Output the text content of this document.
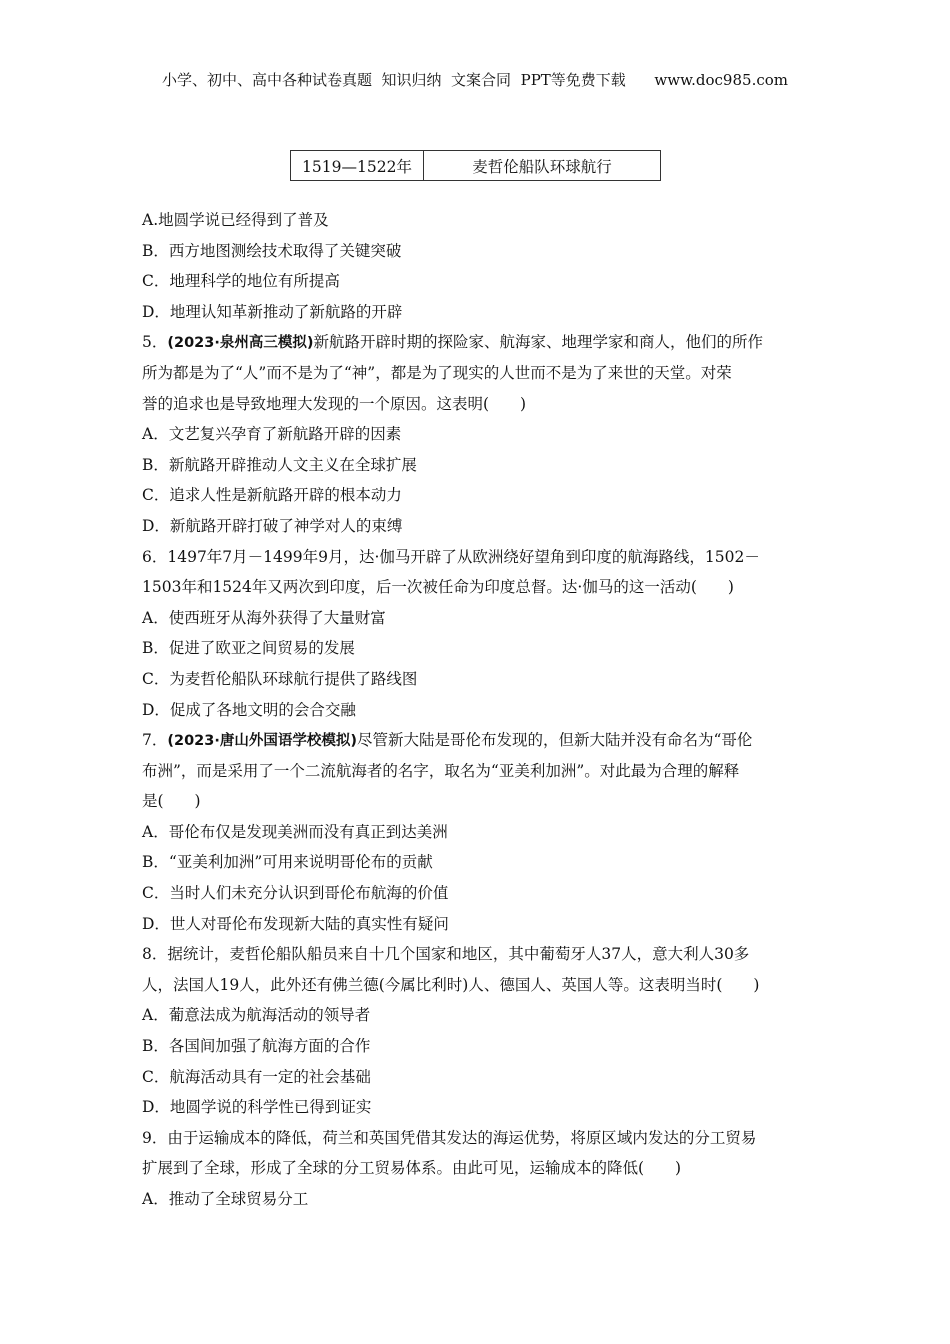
小学、初中、高中各种试卷真题  知识归纳  文案合同  PPT等免费下载      www.doc985.com
1519—1522年	麦哲伦船队环球航行
A.地圆学说已经得到了普及
B．西方地图测绘技术取得了关键突破
C．地理科学的地位有所提高
D．地理认知革新推动了新航路的开辟
5．(2023·泉州高三模拟)新航路开辟时期的探险家、航海家、地理学家和商人，他们的所作
所为都是为了“人”而不是为了“神”，都是为了现实的人世而不是为了来世的天堂。对荣
誉的追求也是导致地理大发现的一个原因。这表明(　　)
A．文艺复兴孕育了新航路开辟的因素
B．新航路开辟推动人文主义在全球扩展
C．追求人性是新航路开辟的根本动力
D．新航路开辟打破了神学对人的束缚
6．1497年7月－1499年9月，达·伽马开辟了从欧洲绕好望角到印度的航海路线，1502－
1503年和1524年又两次到印度，后一次被任命为印度总督。达·伽马的这一活动(　　)
A．使西班牙从海外获得了大量财富
B．促进了欧亚之间贸易的发展
C．为麦哲伦船队环球航行提供了路线图
D．促成了各地文明的会合交融
7．(2023·唐山外国语学校模拟)尽管新大陆是哥伦布发现的，但新大陆并没有命名为“哥伦
布洲”，而是采用了一个二流航海者的名字，取名为“亚美利加洲”。对此最为合理的解释
是(　　)
A．哥伦布仅是发现美洲而没有真正到达美洲
B．“亚美利加洲”可用来说明哥伦布的贡献
C．当时人们未充分认识到哥伦布航海的价值
D．世人对哥伦布发现新大陆的真实性有疑问
8．据统计，麦哲伦船队船员来自十几个国家和地区，其中葡萄牙人37人，意大利人30多
人，法国人19人，此外还有佛兰德(今属比利时)人、德国人、英国人等。这表明当时(　　)
A．葡意法成为航海活动的领导者
B．各国间加强了航海方面的合作
C．航海活动具有一定的社会基础
D．地圆学说的科学性已得到证实
9．由于运输成本的降低，荷兰和英国凭借其发达的海运优势，将原区域内发达的分工贸易
扩展到了全球，形成了全球的分工贸易体系。由此可见，运输成本的降低(　　)
A．推动了全球贸易分工
